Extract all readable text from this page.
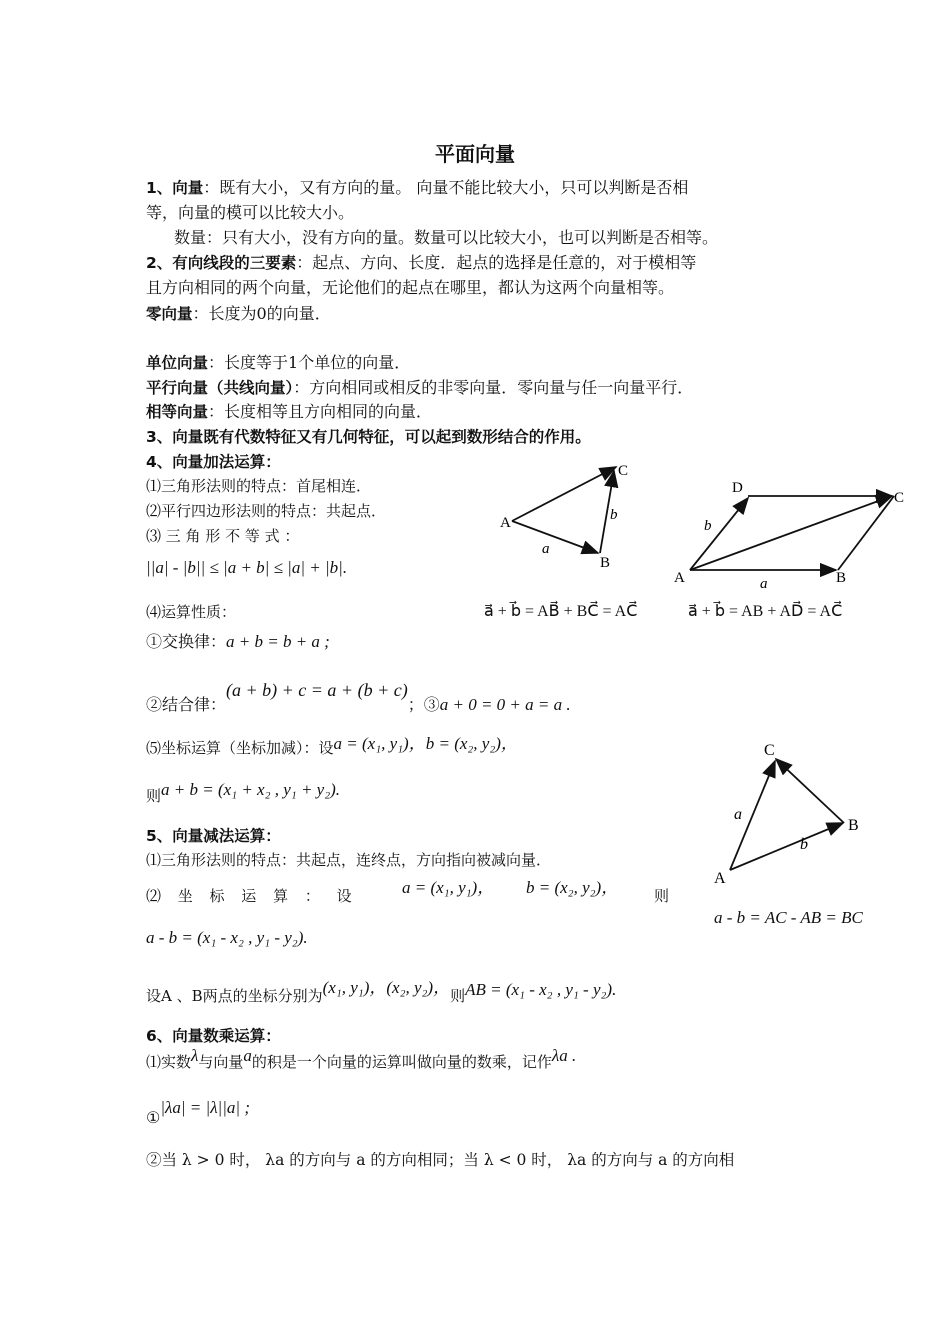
平面向量
1、向量：既有大小，又有方向的量。 向量不能比较大小，只可以判断是否相
等，向量的模可以比较大小。
数量：只有大小，没有方向的量。数量可以比较大小，也可以判断是否相等。
2、有向线段的三要素：起点、方向、长度．起点的选择是任意的，对于模相等
且方向相同的两个向量，无论他们的起点在哪里，都认为这两个向量相等。
零向量：长度为0的向量．
单位向量：长度等于1个单位的向量．
平行向量（共线向量）：方向相同或相反的非零向量．零向量与任一向量平行．
相等向量：长度相等且方向相同的向量．
3、向量既有代数特征又有几何特征，可以起到数形结合的作用。
4、向量加法运算：
⑴三角形法则的特点：首尾相连．
⑵平行四边形法则的特点：共起点．
⑶ 三 角 形 不 等 式 ：
||a| - |b|| ≤ |a + b| ≤ |a| + |b|.
⑷运算性质：
①交换律：a + b = b + a ;
②结合律：(a + b) + c = a + (b + c)；③a + 0 = 0 + a = a .
⑸坐标运算（坐标加减）：设a = (x₁, y₁)，b = (x₂, y₂)，
则a + b = (x₁ + x₂ , y₁ + y₂).
5、向量减法运算：
⑴三角形法则的特点：共起点，连终点，方向指向被减向量．
⑵ 坐 标 运 算 ： 设	a = (x₁, y₁)， b = (x₂, y₂)， 则
a - b = (x₁ - x₂ , y₁ - y₂).
设A 、B两点的坐标分别为(x₁, y₁)，(x₂, y₂)，则AB = (x₁ - x₂ , y₁ - y₂).
6、向量数乘运算：
⑴实数λ与向量a的积是一个向量的运算叫做向量的数乘，记作λa .
①|λa| = |λ||a| ;
②当 λ > 0 时， λa 的方向与 a 的方向相同；当 λ < 0 时， λa 的方向与 a 的方向相
A
B
C
a
b
A	B
C
D
a
b
a⃗ + b⃗ = AB⃗ + BC⃗ = AC⃗	a⃗ + b⃗ = AB + AD⃗ = AC⃗
A
B
C
a
b
a - b = AC - AB = BC
